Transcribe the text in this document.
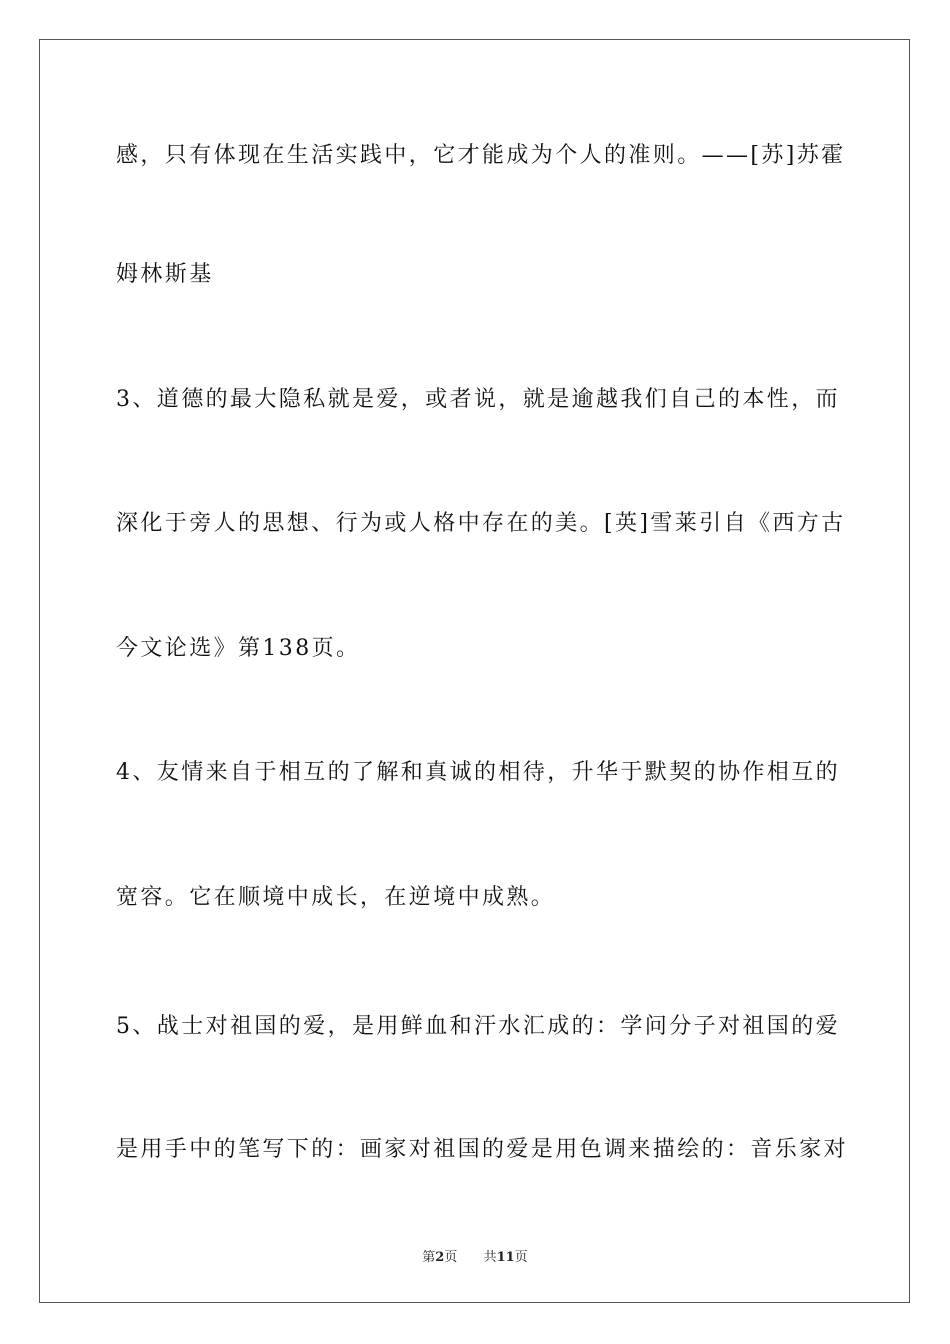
感，只有体现在生活实践中，它才能成为个人的准则。——[苏]苏霍
姆林斯基
3、道德的最大隐私就是爱，或者说，就是逾越我们自己的本性，而
深化于旁人的思想、行为或人格中存在的美。[英]雪莱引自《西方古
今文论选》第138页。
4、友情来自于相互的了解和真诚的相待，升华于默契的协作相互的
宽容。它在顺境中成长，在逆境中成熟。
5、战士对祖国的爱，是用鲜血和汗水汇成的：学问分子对祖国的爱
是用手中的笔写下的：画家对祖国的爱是用色调来描绘的：音乐家对
第2页 共11页
